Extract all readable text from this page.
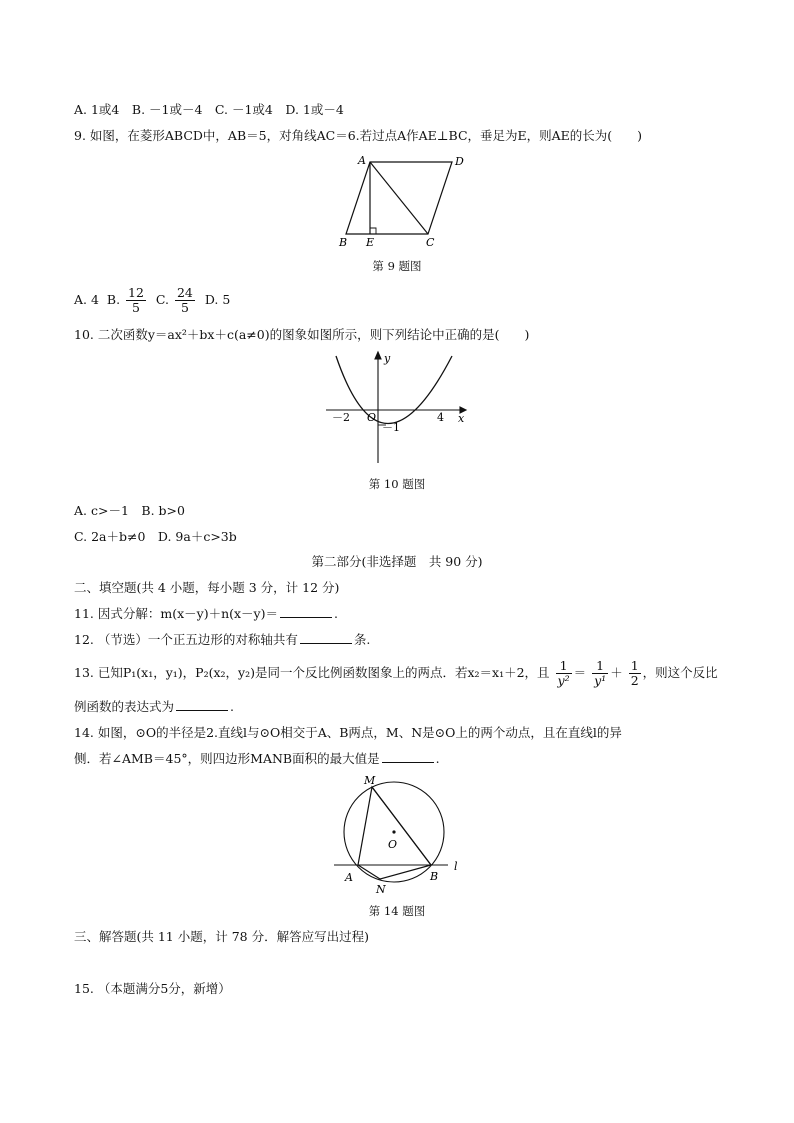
A. 1或4　B. －1或－4　C. －1或4　D. 1或－4
9. 如图，在菱形ABCD中，AB＝5，对角线AC＝6.若过点A作AE⊥BC，垂足为E，则AE的长为(　　)
A	D
B E	C
第 9 题图
A. 4 B. $\frac{12}{5} C$. $\frac{24}{5} D$. 5
10. 二次函数y＝ax²＋bx＋c(a≠0)的图象如图所示，则下列结论中正确的是(　　)
y
x
O
－2	4
－1
第 10 题图
A. c>－1　B. b>0
C. 2a＋b≠0　D. 9a＋c>3b
第二部分(非选择题　共 90 分)
二、填空题(共 4 小题，每小题 3 分，计 12 分)
11. 因式分解：m(x－y)＋n(x－y)＝	.
12. （节选）一个正五边形的对称轴共有	条.
13. 已知P₁(x₁，y₁)，P₂(x₂，y₂)是同一个反比例函数图象上的两点．若x₂＝x₁＋2，且 $\frac{1}{\text{y²}} = \frac{1}{\text{y¹}} + \frac{1}{2}$ ，则这个反比
例函数的表达式为	.
14. 如图，⊙O的半径是2.直线l与⊙O相交于A、B两点，M、N是⊙O上的两个动点，且在直线l的异
侧．若∠AMB＝45°，则四边形MANB面积的最大值是	.
M
O
A
N
B
l
第 14 题图
三、解答题(共 11 小题，计 78 分．解答应写出过程)
15. （本题满分5分，新增）
